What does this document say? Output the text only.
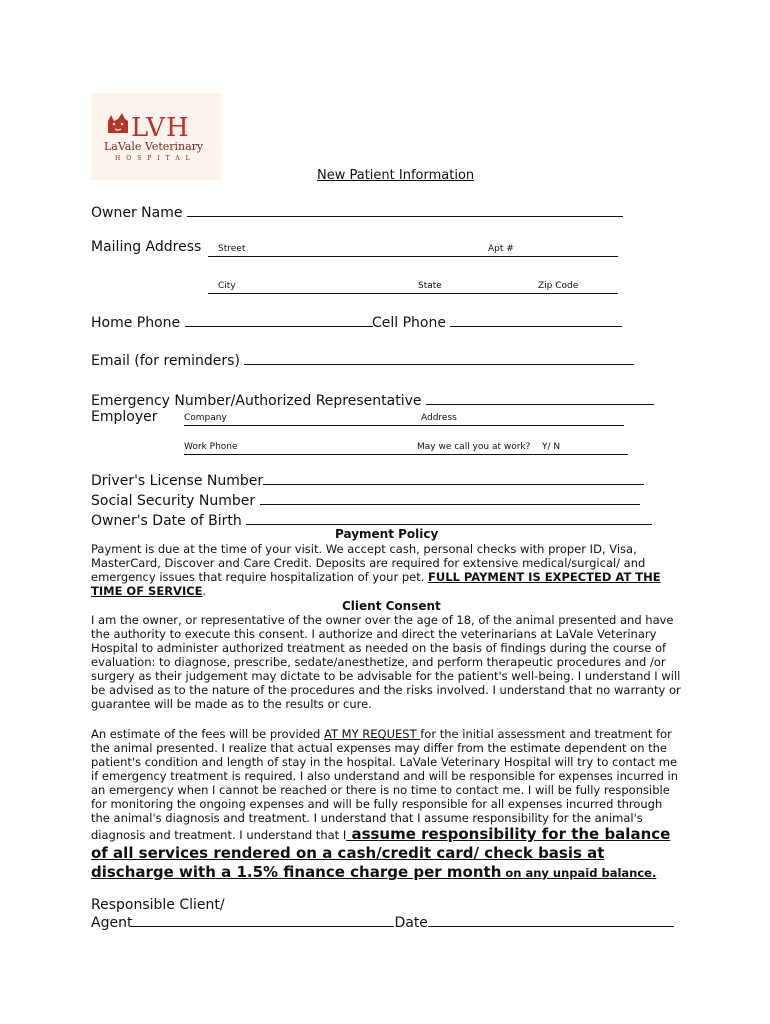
LVH
LaVale Veterinary
HOSPITAL
New Patient Information
Owner Name
Mailing Address Street	Apt #
City	State	Zip Code
Home Phone	Cell Phone
Email (for reminders)
Emergency Number/Authorized Representative
Employer	Company	Address
Work Phone	May we call you at work? Y/ N
Driver's License Number
Social Security Number
Owner's Date of Birth
Payment Policy
Payment is due at the time of your visit. We accept cash, personal checks with proper ID, Visa, MasterCard, Discover and Care Credit. Deposits are required for extensive medical/surgical/ and emergency issues that require hospitalization of your pet. FULL PAYMENT IS EXPECTED AT THE TIME OF SERVICE.
Client Consent
I am the owner, or representative of the owner over the age of 18, of the animal presented and have the authority to execute this consent. I authorize and direct the veterinarians at LaVale Veterinary Hospital to administer authorized treatment as needed on the basis of findings during the course of evaluation: to diagnose, prescribe, sedate/anesthetize, and perform therapeutic procedures and /or surgery as their judgement may dictate to be advisable for the patient's well-being. I understand I will be advised as to the nature of the procedures and the risks involved. I understand that no warranty or guarantee will be made as to the results or cure.
An estimate of the fees will be provided AT MY REQUEST for the initial assessment and treatment for the animal presented. I realize that actual expenses may differ from the estimate dependent on the patient's condition and length of stay in the hospital. LaVale Veterinary Hospital will try to contact me if emergency treatment is required. I also understand and will be responsible for expenses incurred in an emergency when I cannot be reached or there is no time to contact me. I will be fully responsible for monitoring the ongoing expenses and will be fully responsible for all expenses incurred through the animal's diagnosis and treatment. I understand that I assume responsibility for the animal's diagnosis and treatment. I understand that I assume responsibility for the balance of all services rendered on a cash/credit card/ check basis at discharge with a 1.5% finance charge per month on any unpaid balance.
Responsible Client/
Agent	Date
